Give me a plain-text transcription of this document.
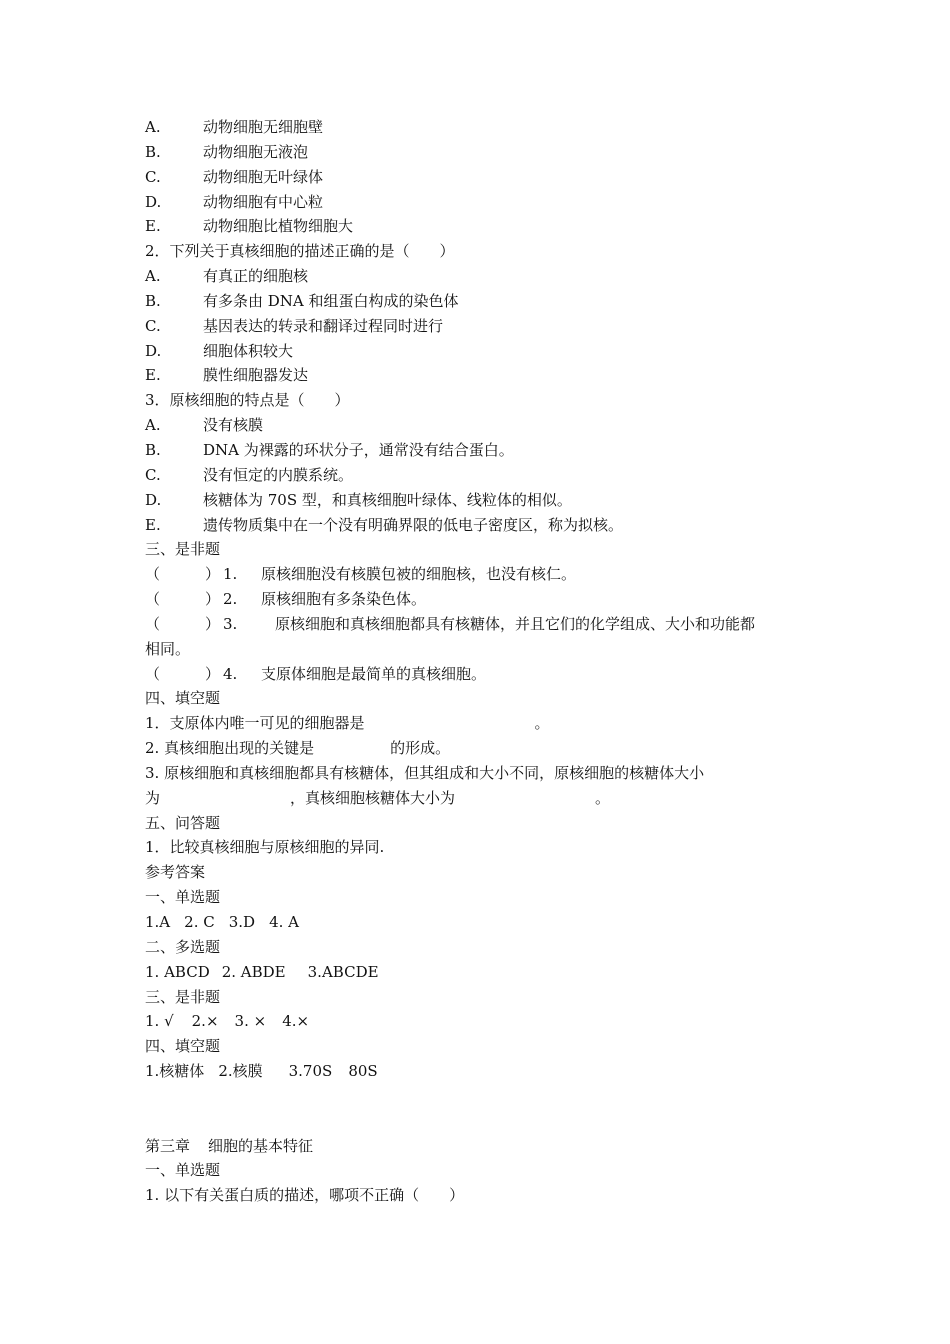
A.	动物细胞无细胞壁
B.	动物细胞无液泡
C.	动物细胞无叶绿体
D.	动物细胞有中心粒
E.	动物细胞比植物细胞大
2．下列关于真核细胞的描述正确的是（　　）
A.	有真正的细胞核
B.	有多条由 DNA 和组蛋白构成的染色体
C.	基因表达的转录和翻译过程同时进行
D.	细胞体积较大
E.	膜性细胞器发达
3．原核细胞的特点是（　　）
A.	没有核膜
B.	DNA 为裸露的环状分子，通常没有结合蛋白。
C.	没有恒定的内膜系统。
D.	核糖体为 70S 型，和真核细胞叶绿体、线粒体的相似。
E.	遗传物质集中在一个没有明确界限的低电子密度区，称为拟核。
三、是非题
（　　　） 1. 原核细胞没有核膜包被的细胞核，也没有核仁。
（　　　） 2. 原核细胞有多条染色体。
（　　　） 3.	原核细胞和真核细胞都具有核糖体，并且它们的化学组成、大小和功能都
相同。
（　　　） 4. 支原体细胞是最简单的真核细胞。
四、填空题
1．支原体内唯一可见的细胞器是	。
2. 真核细胞出现的关键是	的形成。
3. 原核细胞和真核细胞都具有核糖体，但其组成和大小不同，原核细胞的核糖体大小
为	，真核细胞核糖体大小为	。
五、问答题
1．比较真核细胞与原核细胞的异同.
参考答案
一、单选题
1.A 2. C 3.D 4. A
二、多选题
1. ABCD 2. ABDE 3.ABCDE
三、是非题
1. √ 2.× 3. × 4.×
四、填空题
1.核糖体 2.核膜 3.70S 80S
第三章 细胞的基本特征
一、单选题
1. 以下有关蛋白质的描述，哪项不正确（　　）
